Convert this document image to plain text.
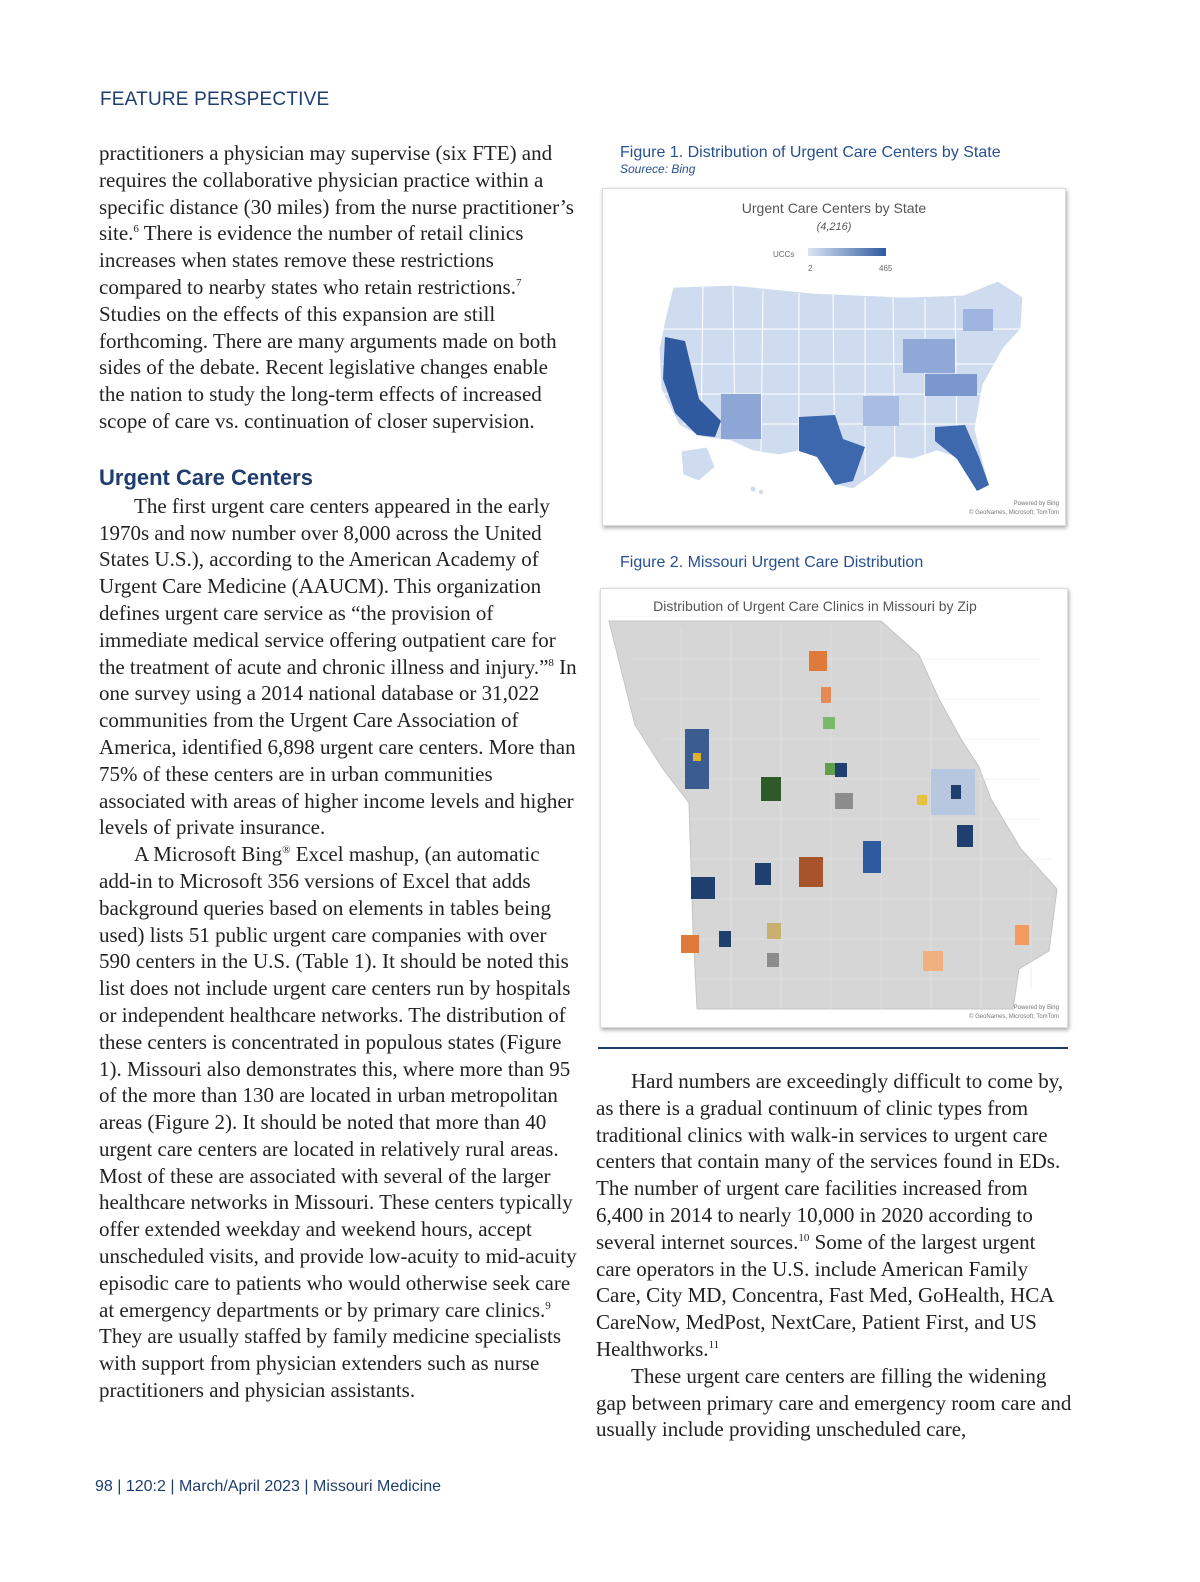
FEATURE PERSPECTIVE

practitioners a physician may supervise (six FTE) and requires the collaborative physician practice within a specific distance (30 miles) from the nurse practitioner’s site.$^6$ There is evidence the number of retail clinics increases when states remove these restrictions compared to nearby states who retain restrictions.$^7$ Studies on the effects of this expansion are still forthcoming. There are many arguments made on both sides of the debate. Recent legislative changes enable the nation to study the long-term effects of increased scope of care vs. continuation of closer supervision.

Urgent Care Centers

The first urgent care centers appeared in the early 1970s and now number over 8,000 across the United States U.S.), according to the American Academy of Urgent Care Medicine (AAUCM). This organization defines urgent care service as “the provision of immediate medical service offering outpatient care for the treatment of acute and chronic illness and injury.”$^8$ In one survey using a 2014 national database or 31,022 communities from the Urgent Care Association of America, identified 6,898 urgent care centers. More than 75% of these centers are in urban communities associated with areas of higher income levels and higher levels of private insurance.

A Microsoft Bing® Excel mashup, (an automatic add-in to Microsoft 356 versions of Excel that adds background queries based on elements in tables being used) lists 51 public urgent care companies with over 590 centers in the U.S. (Table 1). It should be noted this list does not include urgent care centers run by hospitals or independent healthcare networks. The distribution of these centers is concentrated in populous states (Figure 1). Missouri also demonstrates this, where more than 95 of the more than 130 are located in urban metropolitan areas (Figure 2). It should be noted that more than 40 urgent care centers are located in relatively rural areas. Most of these are associated with several of the larger healthcare networks in Missouri. These centers typically offer extended weekday and weekend hours, accept unscheduled visits, and provide low-acuity to mid-acuity episodic care to patients who would otherwise seek care at emergency departments or by primary care clinics.$^9$ They are usually staffed by family medicine specialists with support from physician extenders such as nurse practitioners and physician assistants.

Figure 1. Distribution of Urgent Care Centers by State
Sourece: Bing
Urgent Care Centers by State
(4,216)
UCCs
2	465
Powered by Bing
© GeoNames, Microsoft, TomTom
Figure 2. Missouri Urgent Care Distribution
Distribution of Urgent Care Clinics in Missouri by Zip
Powered by Bing
© GeoNames, Microsoft, TomTom

Hard numbers are exceedingly difficult to come by, as there is a gradual continuum of clinic types from traditional clinics with walk-in services to urgent care centers that contain many of the services found in EDs. The number of urgent care facilities increased from 6,400 in 2014 to nearly 10,000 in 2020 according to several internet sources.$^{10}$ Some of the largest urgent care operators in the U.S. include American Family Care, City MD, Concentra, Fast Med, GoHealth, HCA CareNow, MedPost, NextCare, Patient First, and US Healthworks.$^{11}$

These urgent care centers are filling the widening gap between primary care and emergency room care and usually include providing unscheduled care,

98 | 120:2 | March/April 2023 | Missouri Medicine
